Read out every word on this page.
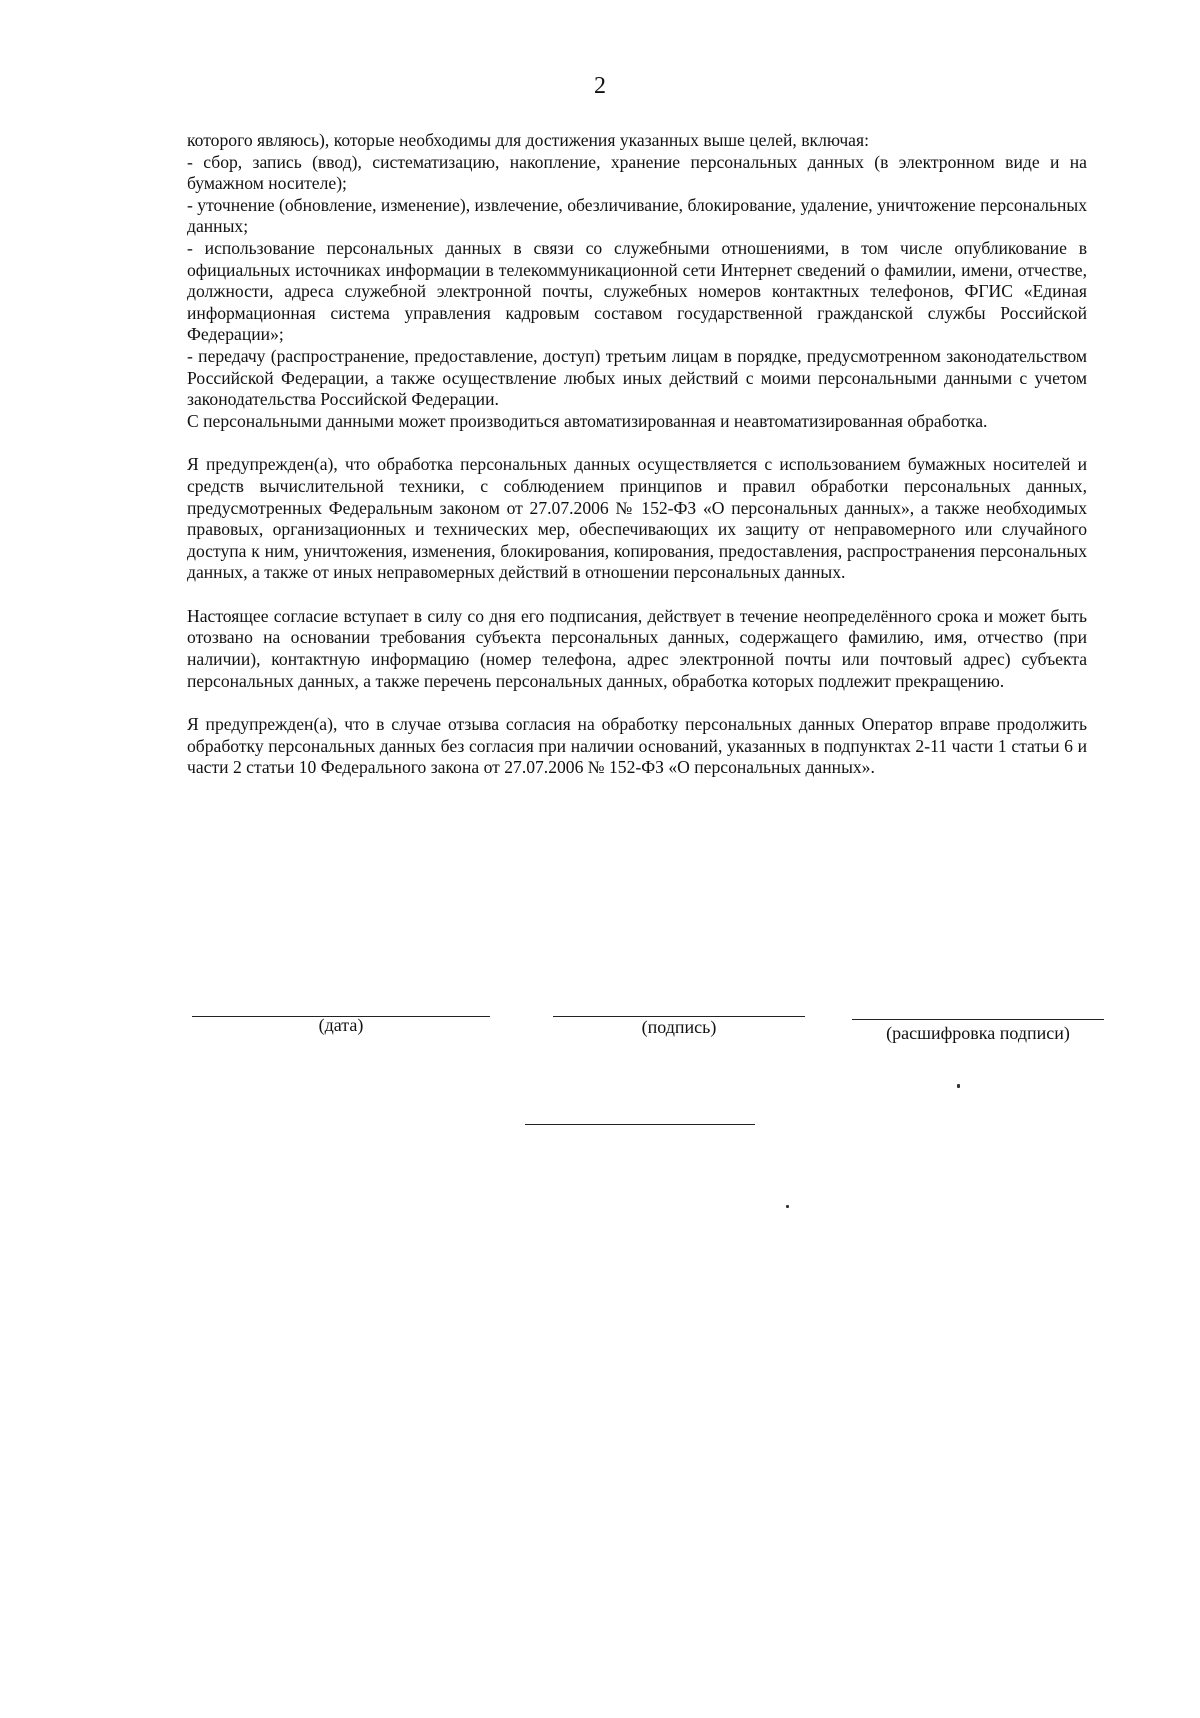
2

которого являюсь), которые необходимы для достижения указанных выше целей, включая:

- сбор, запись (ввод), систематизацию, накопление, хранение персональных данных (в электронном виде и на бумажном носителе);

- уточнение (обновление, изменение), извлечение, обезличивание, блокирование, удаление, уничтожение персональных данных;

- использование персональных данных в связи со служебными отношениями, в том числе опубликование в официальных источниках информации в телекоммуникационной сети Интернет сведений о фамилии, имени, отчестве, должности, адреса служебной электронной почты, служебных номеров контактных телефонов, ФГИС «Единая информационная система управления кадровым составом государственной гражданской службы Российской Федерации»;

- передачу (распространение, предоставление, доступ) третьим лицам в порядке, предусмотренном законодательством Российской Федерации, а также осуществление любых иных действий с моими персональными данными с учетом законодательства Российской Федерации.

С персональными данными может производиться автоматизированная и неавтоматизированная обработка.

Я предупрежден(а), что обработка персональных данных осуществляется с использованием бумажных носителей и средств вычислительной техники, с соблюдением принципов и правил обработки персональных данных, предусмотренных Федеральным законом от 27.07.2006 № 152-ФЗ «О персональных данных», а также необходимых правовых, организационных и технических мер, обеспечивающих их защиту от неправомерного или случайного доступа к ним, уничтожения, изменения, блокирования, копирования, предоставления, распространения персональных данных, а также от иных неправомерных действий в отношении персональных данных.

Настоящее согласие вступает в силу со дня его подписания, действует в течение неопределённого срока и может быть отозвано на основании требования субъекта персональных данных, содержащего фамилию, имя, отчество (при наличии), контактную информацию (номер телефона, адрес электронной почты или почтовый адрес) субъекта персональных данных, а также перечень персональных данных, обработка которых подлежит прекращению.

Я предупрежден(а), что в случае отзыва согласия на обработку персональных данных Оператор вправе продолжить обработку персональных данных без согласия при наличии оснований, указанных в подпунктах 2-11 части 1 статьи 6 и части 2 статьи 10 Федерального закона от 27.07.2006 № 152-ФЗ «О персональных данных».

(дата)	(подпись)	(расшифровка подписи)
